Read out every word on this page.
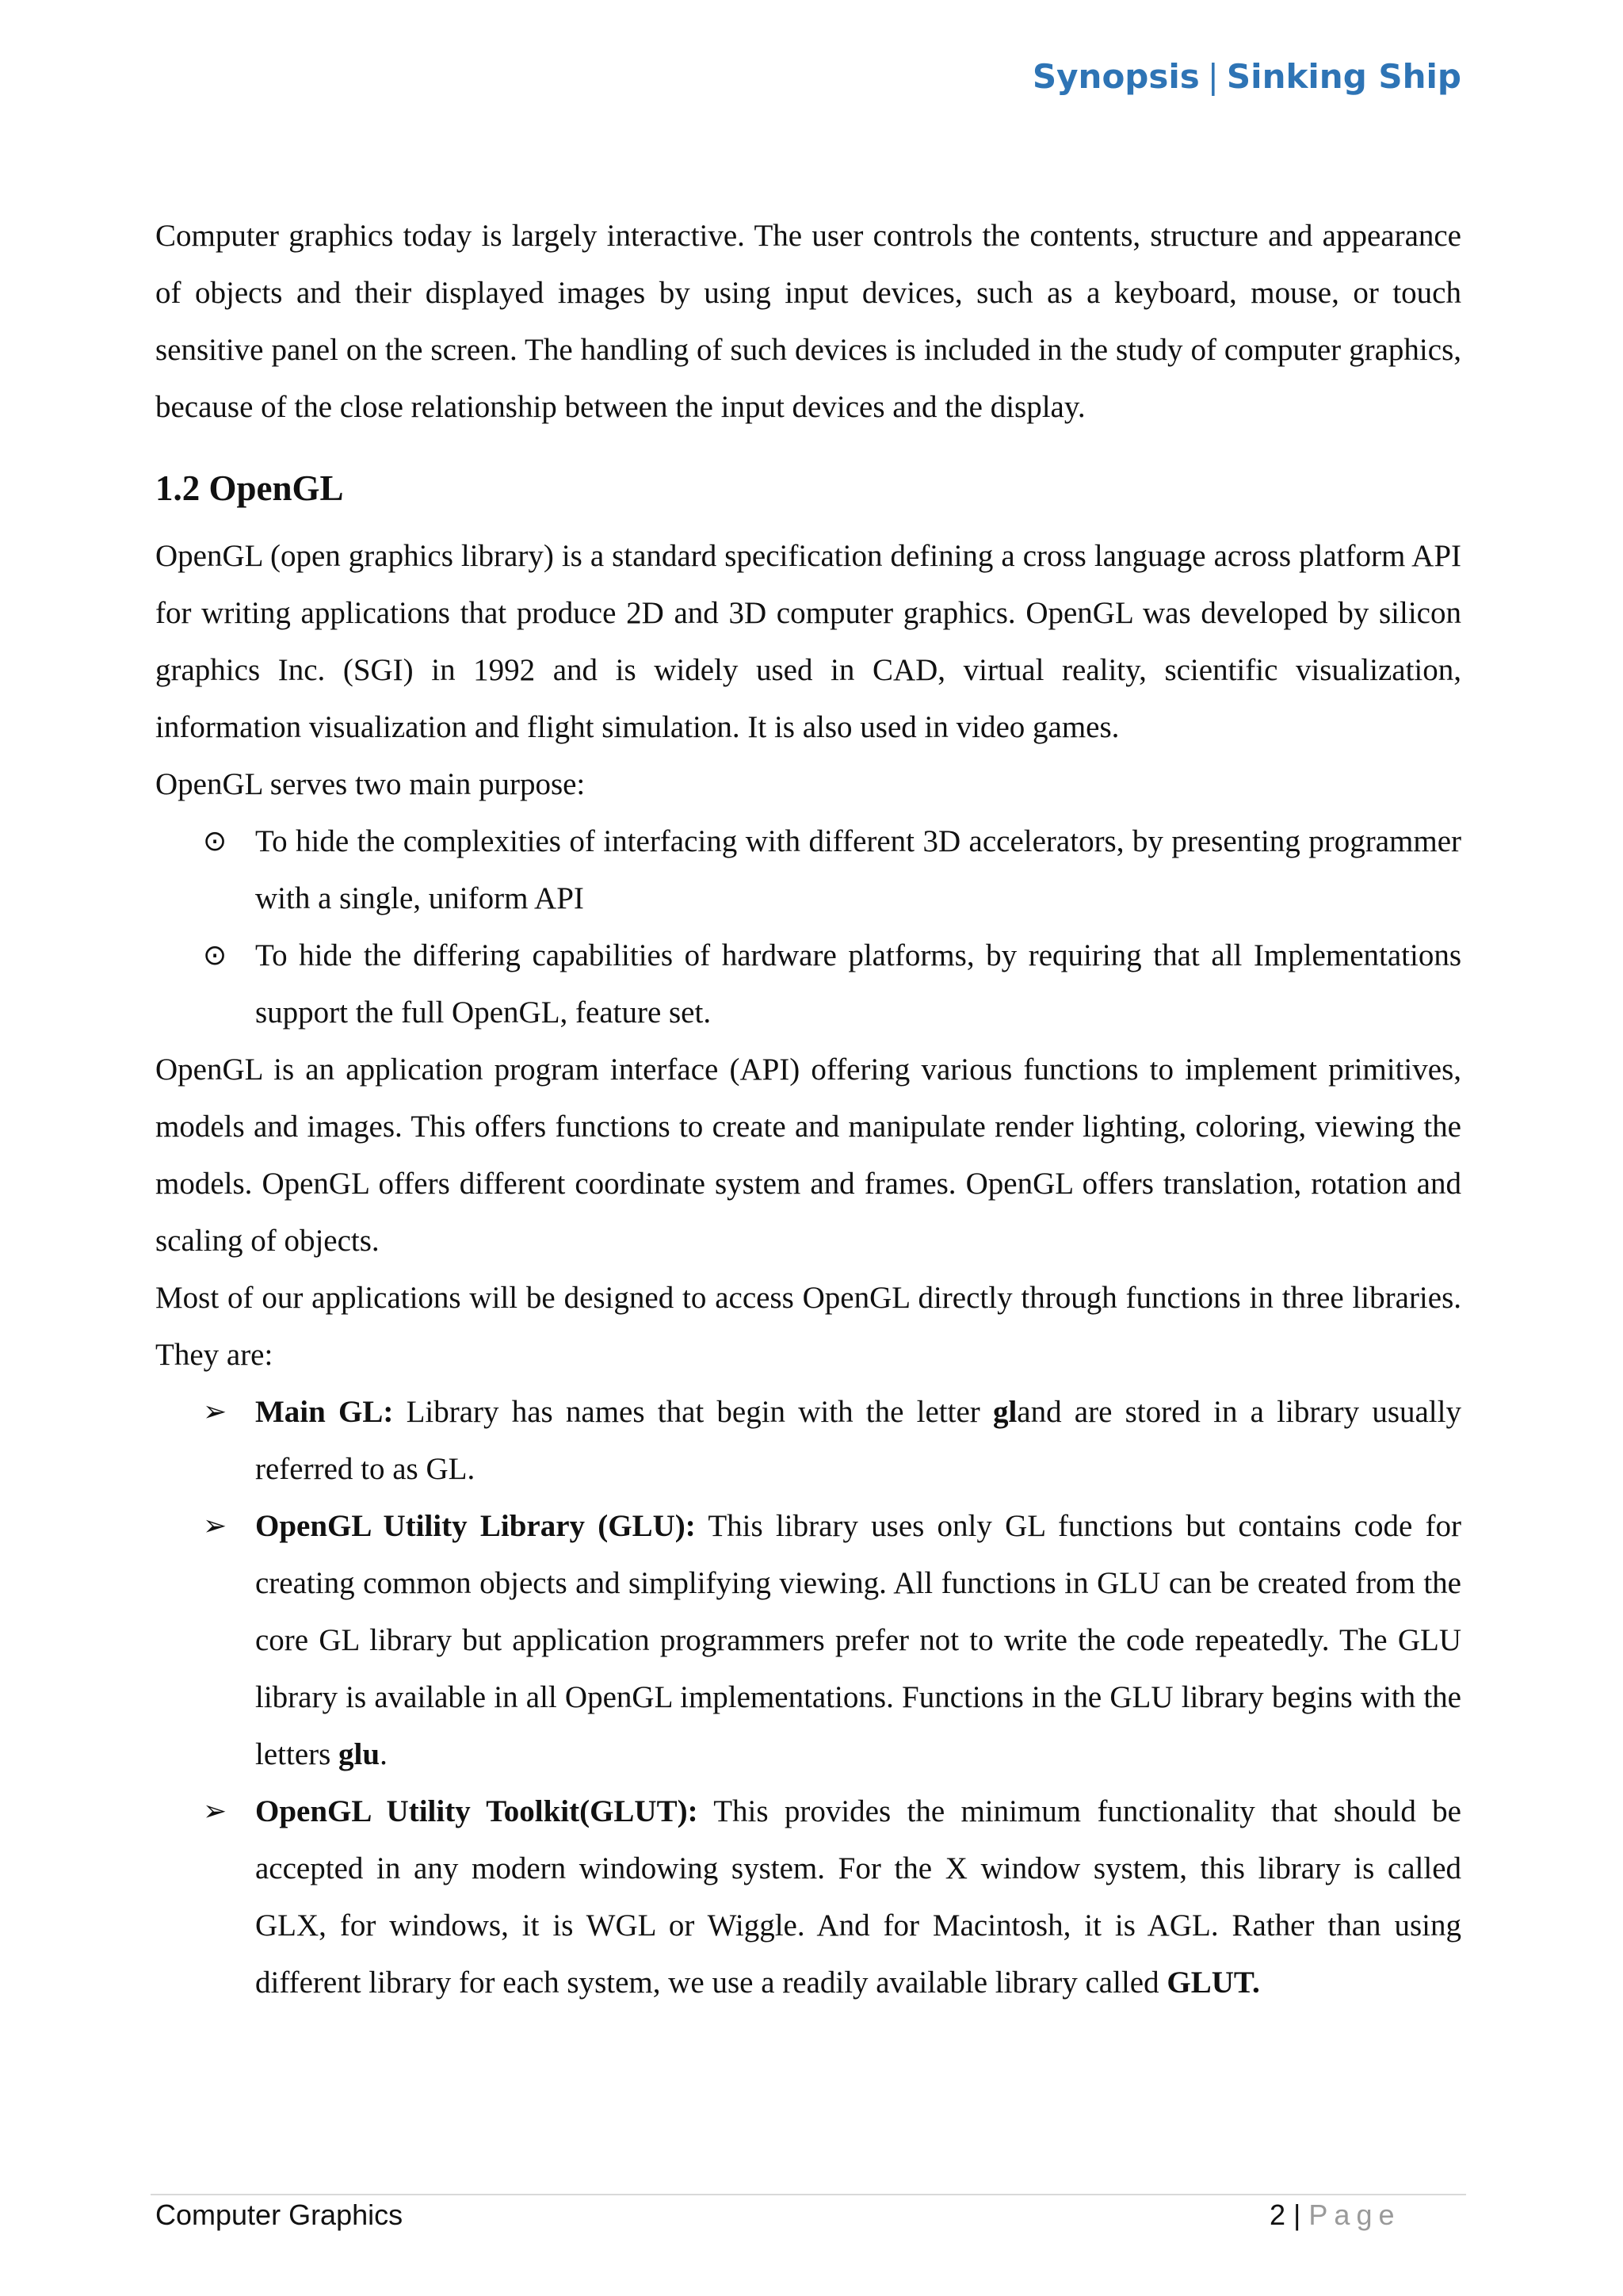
Synopsis | Sinking Ship

Computer graphics today is largely interactive. The user controls the contents, structure and appearance of objects and their displayed images by using input devices, such as a keyboard, mouse, or touch sensitive panel on the screen. The handling of such devices is included in the study of computer graphics, because of the close relationship between the input devices and the display.

1.2 OpenGL

OpenGL (open graphics library) is a standard specification defining a cross language across platform API for writing applications that produce 2D and 3D computer graphics. OpenGL was developed by silicon graphics Inc. (SGI) in 1992 and is widely used in CAD, virtual reality, scientific visualization, information visualization and flight simulation. It is also used in video games.

OpenGL serves two main purpose:

⊙ To hide the complexities of interfacing with different 3D accelerators, by presenting programmer with a single, uniform API
⊙ To hide the differing capabilities of hardware platforms, by requiring that all Implementations support the full OpenGL, feature set.

OpenGL is an application program interface (API) offering various functions to implement primitives, models and images. This offers functions to create and manipulate render lighting, coloring, viewing the models. OpenGL offers different coordinate system and frames. OpenGL offers translation, rotation and scaling of objects.

Most of our applications will be designed to access OpenGL directly through functions in three libraries. They are:

➢ Main GL: Library has names that begin with the letter gland are stored in a library usually referred to as GL.
➢ OpenGL Utility Library (GLU): This library uses only GL functions but contains code for creating common objects and simplifying viewing. All functions in GLU can be created from the core GL library but application programmers prefer not to write the code repeatedly. The GLU library is available in all OpenGL implementations. Functions in the GLU library begins with the letters glu.
➢ OpenGL Utility Toolkit(GLUT): This provides the minimum functionality that should be accepted in any modern windowing system. For the X window system, this library is called GLX, for windows, it is WGL or Wiggle. And for Macintosh, it is AGL. Rather than using different library for each system, we use a readily available library called GLUT.
Computer Graphics	2 | Page
